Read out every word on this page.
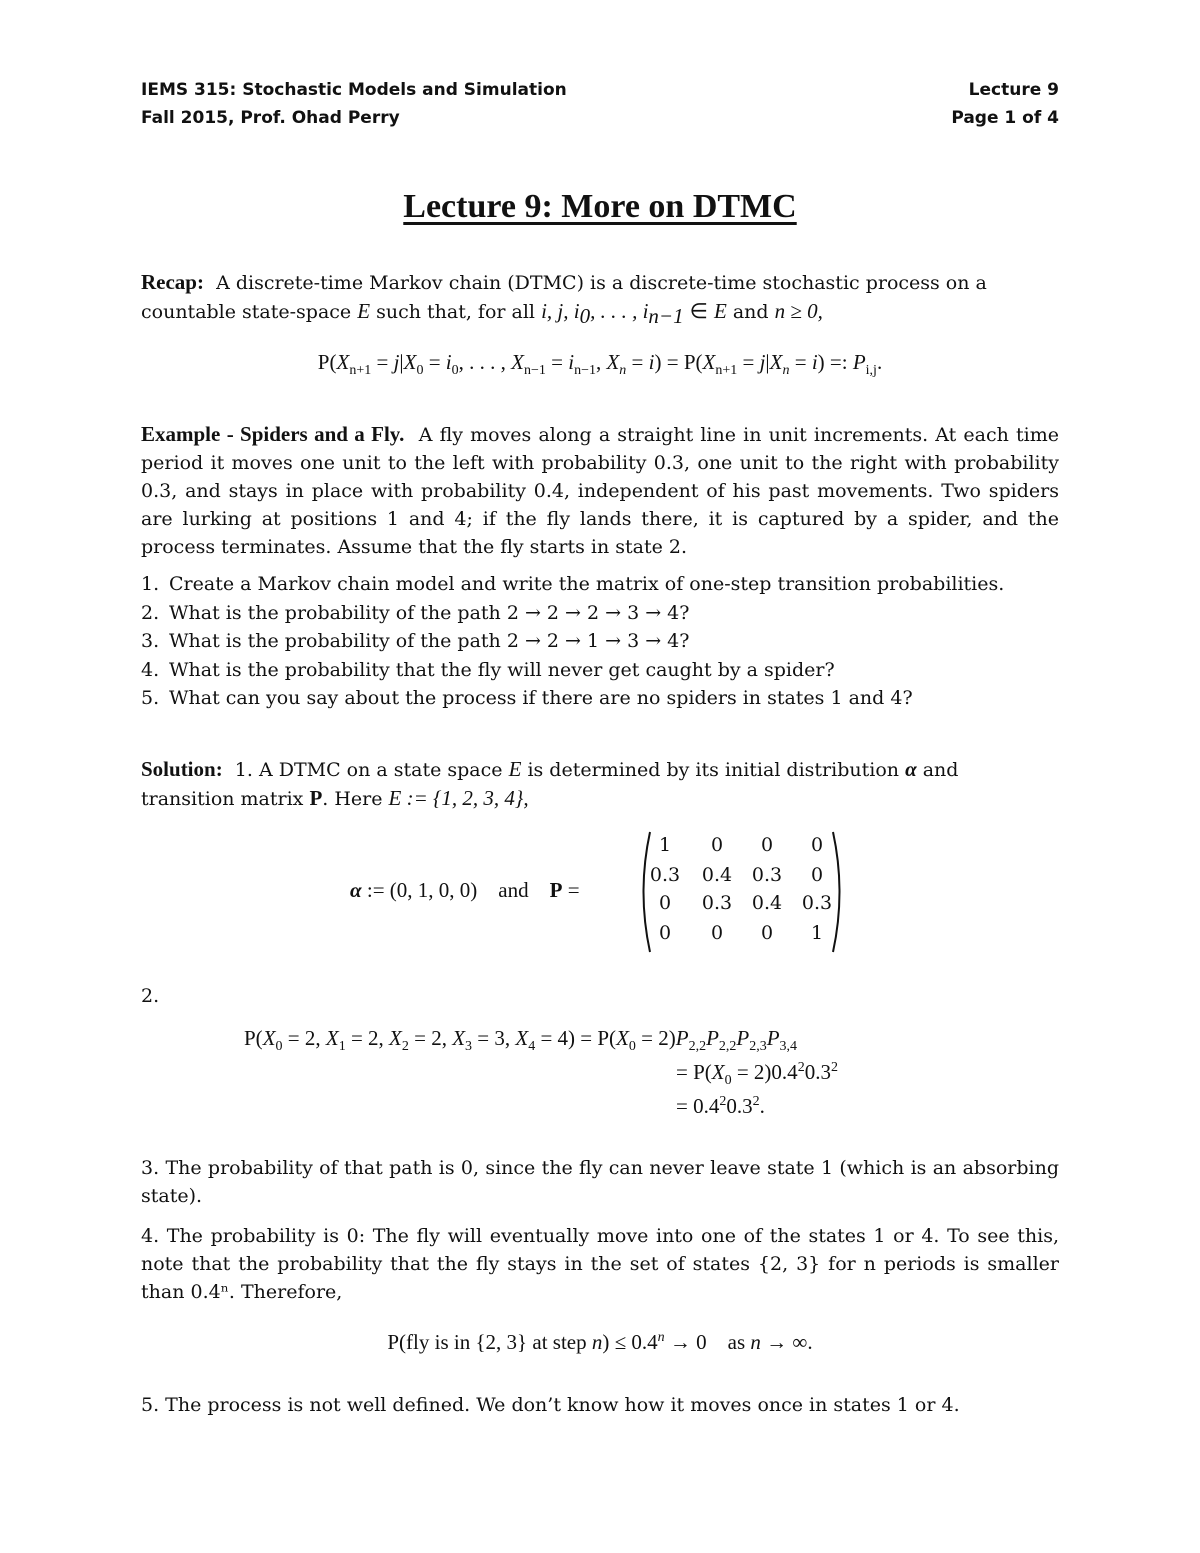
IEMS 315: Stochastic Models and Simulation
Fall 2015, Prof. Ohad Perry
Lecture 9
Page 1 of 4
Lecture 9: More on DTMC

Recap: A discrete-time Markov chain (DTMC) is a discrete-time stochastic process on a
countable state-space E such that, for all i, j, $i_0$, . . . , $i_{n-1}$ ∈ E and n ≥ 0,

$P(X_{n+1} = j|X_0 = i_0$, . . . , $X_{n-1} = i_{n-1}$, $X_n = i) = P(X_{n+1} = j|X_n = i)$ =: $P_{i,j}$.

Example - Spiders and a Fly. A fly moves along a straight line in unit increments. At each time period it moves one unit to the left with probability 0.3, one unit to the right with probability 0.3, and stays in place with probability 0.4, independent of his past movements. Two spiders are lurking at positions 1 and 4; if the fly lands there, it is captured by a spider, and the process terminates. Assume that the fly starts in state 2.

1. Create a Markov chain model and write the matrix of one-step transition probabilities.
2. What is the probability of the path 2 → 2 → 2 → 3 → 4?
3. What is the probability of the path 2 → 2 → 1 → 3 → 4?
4. What is the probability that the fly will never get caught by a spider?
5. What can you say about the process if there are no spiders in states 1 and 4?

Solution: 1. A DTMC on a state space E is determined by its initial distribution α and
transition matrix P. Here E := {1, 2, 3, 4},

α := (0, 1, 0, 0)    and P =
1	0	0	0
0.3	0.4	0.3	0
0	0.3	0.4	0.3
0	0	0	1
2.
$P(X_0 = 2$, $X_1 = 2$, $X_2 = 2$, $X_3 = 3$, $X_4 = 4) = P(X_0 = 2)P_{2,2}P_{2,2}P_{2,3}P_{3,4}$
= $P(X_0 = 2)0.4^20.3^2$
= $0.4^20.3^2$.

3. The probability of that path is 0, since the fly can never leave state 1 (which is an absorbing state).

4. The probability is 0: The fly will eventually move into one of the states 1 or 4. To see this, note that the probability that the fly stays in the set of states {2, 3} for n periods is smaller than 0.4ⁿ. Therefore,

P(fly is in {2, 3} at step $n) \le 0.4^n \to 0$    as n → ∞.

5. The process is not well defined. We don’t know how it moves once in states 1 or 4.
